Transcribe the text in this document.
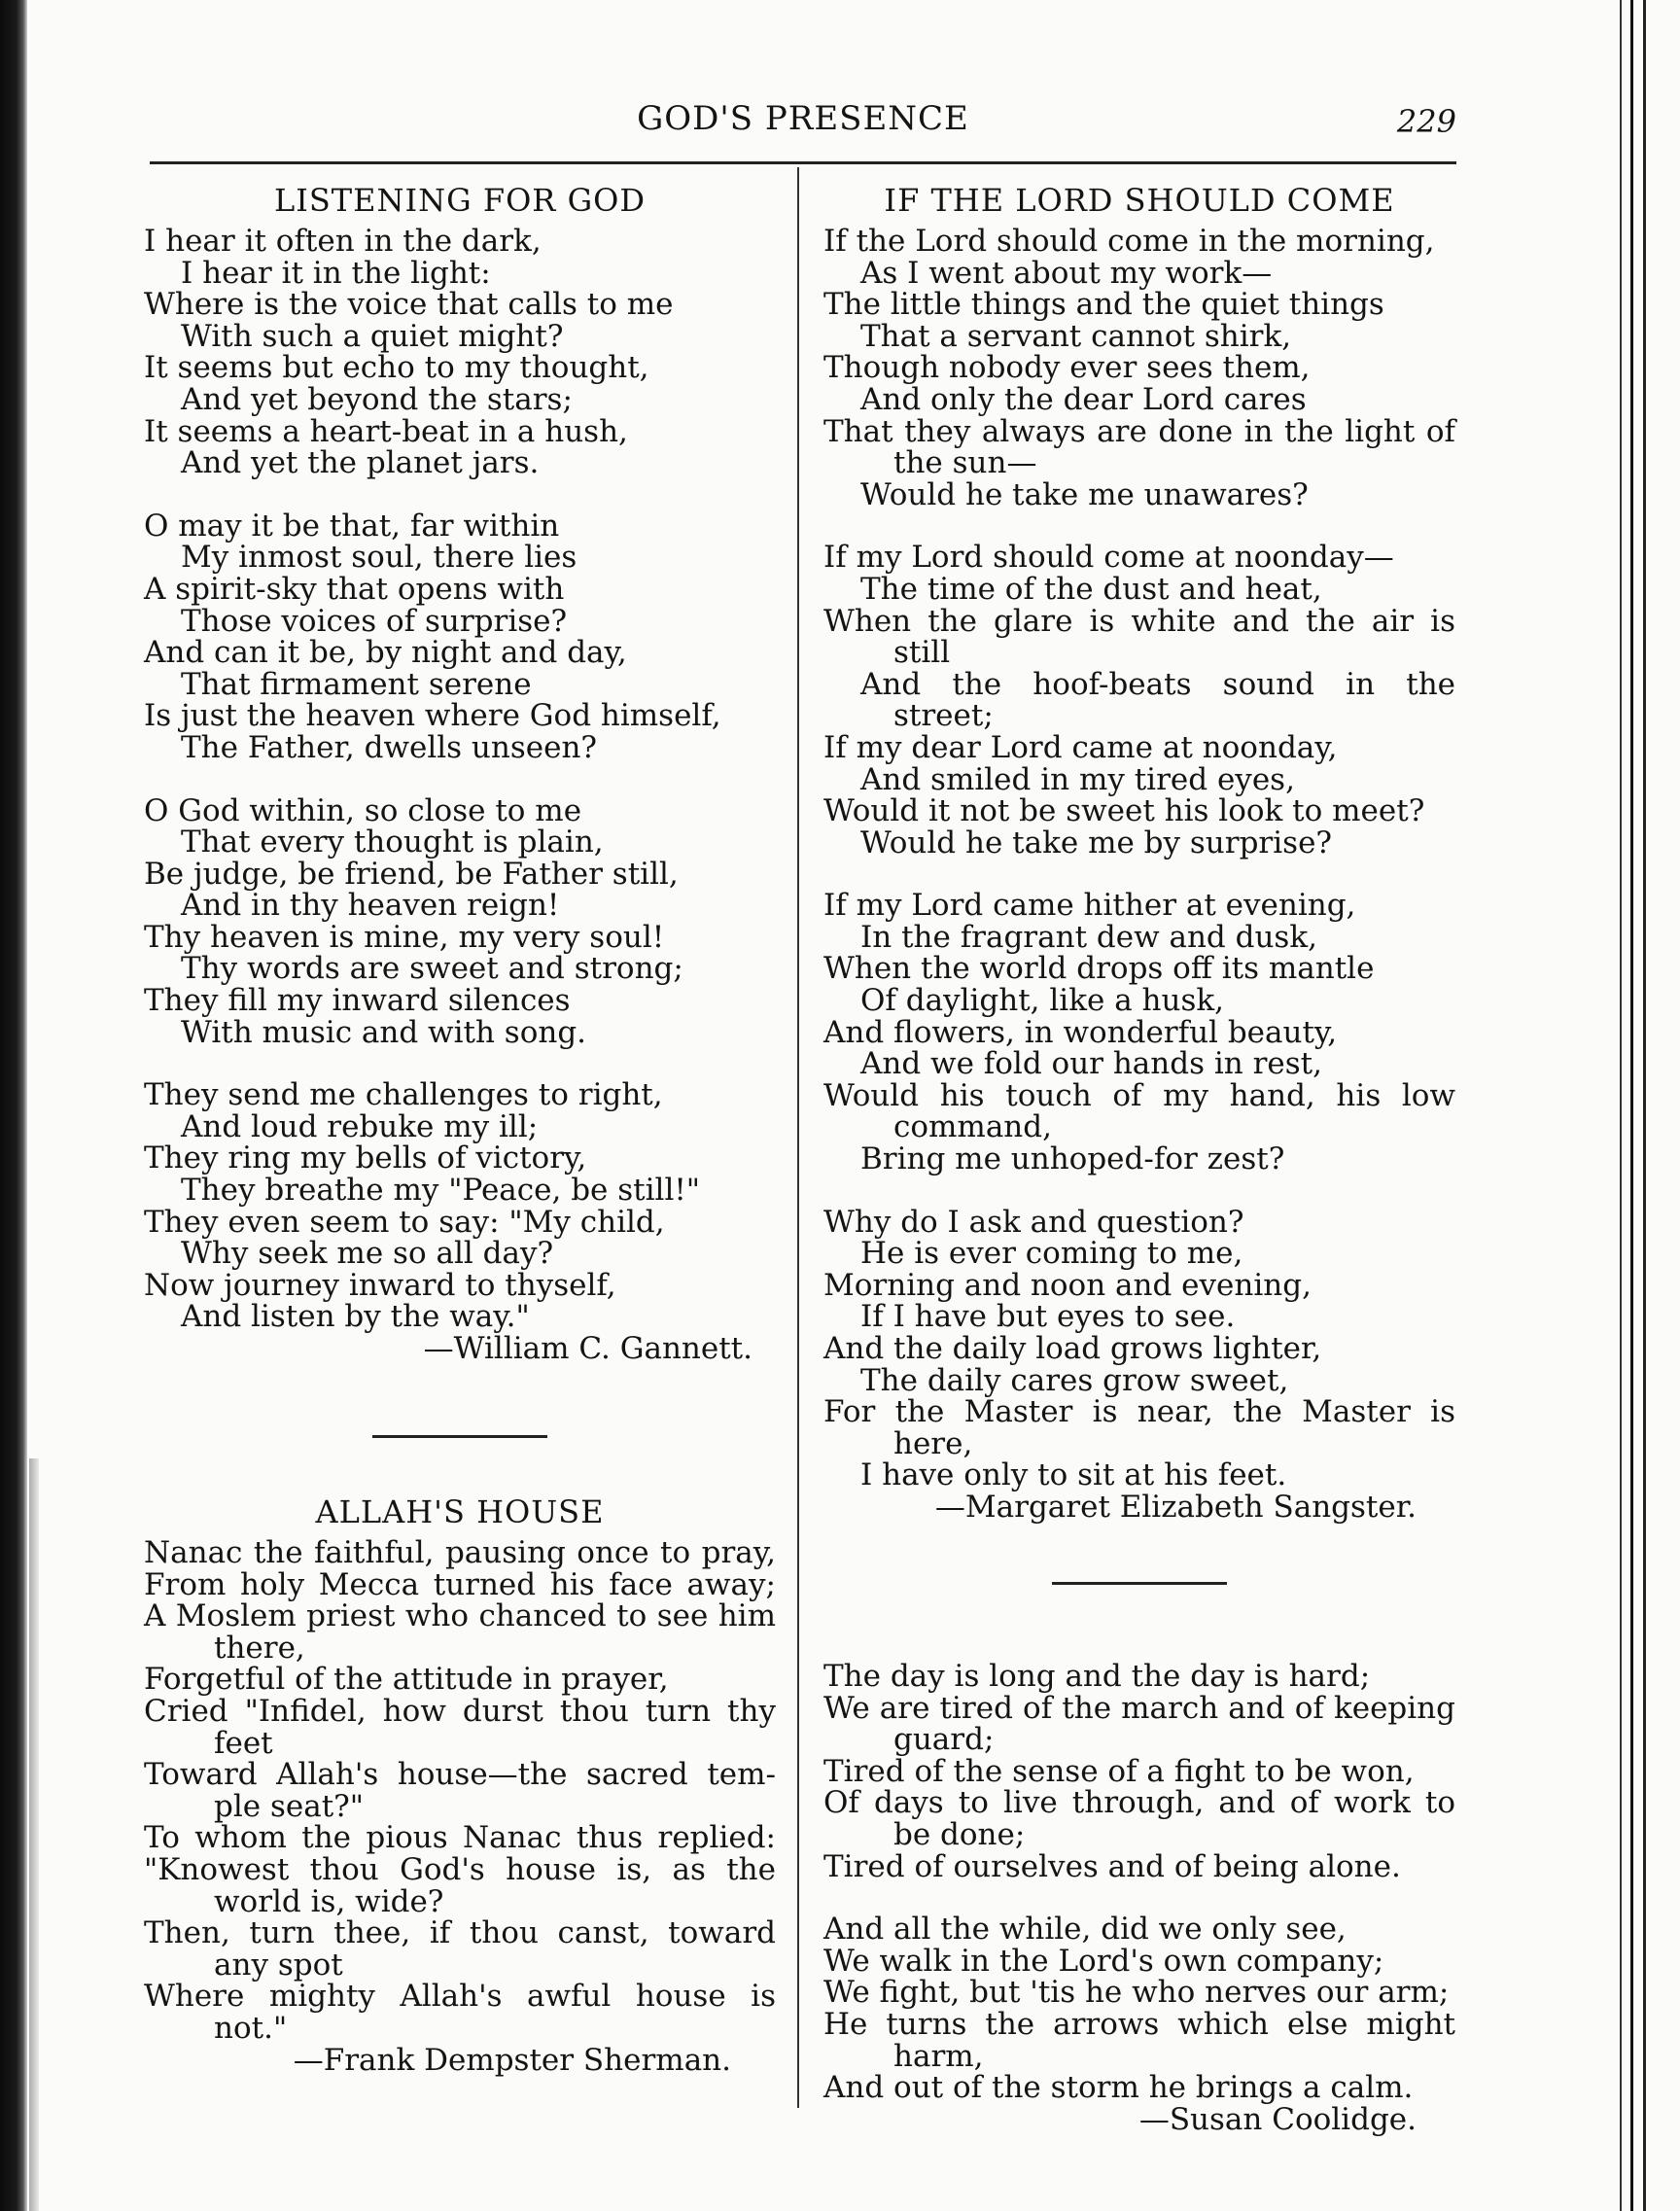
GOD'S PRESENCE	229
LISTENING FOR GOD
I hear it often in the dark,
I hear it in the light:
Where is the voice that calls to me
With such a quiet might?
It seems but echo to my thought,
And yet beyond the stars;
It seems a heart-beat in a hush,
And yet the planet jars.
O may it be that, far within
My inmost soul, there lies
A spirit-sky that opens with
Those voices of surprise?
And can it be, by night and day,
That firmament serene
Is just the heaven where God himself,
The Father, dwells unseen?
O God within, so close to me
That every thought is plain,
Be judge, be friend, be Father still,
And in thy heaven reign!
Thy heaven is mine, my very soul!
Thy words are sweet and strong;
They fill my inward silences
With music and with song.
They send me challenges to right,
And loud rebuke my ill;
They ring my bells of victory,
They breathe my "Peace, be still!"
They even seem to say: "My child,
Why seek me so all day?
Now journey inward to thyself,
And listen by the way."
—William C. Gannett.
ALLAH'S HOUSE
Nanac the faithful, pausing once to pray,
From holy Mecca turned his face away;
A Moslem priest who chanced to see him
there,
Forgetful of the attitude in prayer,
Cried "Infidel, how durst thou turn thy
feet
Toward Allah's house—the sacred tem-
ple seat?"
To whom the pious Nanac thus replied:
"Knowest thou God's house is, as the
world is, wide?
Then, turn thee, if thou canst, toward
any spot
Where mighty Allah's awful house is
not."
—Frank Dempster Sherman.
IF THE LORD SHOULD COME
If the Lord should come in the morning,
As I went about my work—
The little things and the quiet things
That a servant cannot shirk,
Though nobody ever sees them,
And only the dear Lord cares
That they always are done in the light of
the sun—
Would he take me unawares?
If my Lord should come at noonday—
The time of the dust and heat,
When the glare is white and the air is
still
And the hoof-beats sound in the
street;
If my dear Lord came at noonday,
And smiled in my tired eyes,
Would it not be sweet his look to meet?
Would he take me by surprise?
If my Lord came hither at evening,
In the fragrant dew and dusk,
When the world drops off its mantle
Of daylight, like a husk,
And flowers, in wonderful beauty,
And we fold our hands in rest,
Would his touch of my hand, his low
command,
Bring me unhoped-for zest?
Why do I ask and question?
He is ever coming to me,
Morning and noon and evening,
If I have but eyes to see.
And the daily load grows lighter,
The daily cares grow sweet,
For the Master is near, the Master is
here,
I have only to sit at his feet.
—Margaret Elizabeth Sangster.
The day is long and the day is hard;
We are tired of the march and of keeping
guard;
Tired of the sense of a fight to be won,
Of days to live through, and of work to
be done;
Tired of ourselves and of being alone.
And all the while, did we only see,
We walk in the Lord's own company;
We fight, but 'tis he who nerves our arm;
He turns the arrows which else might
harm,
And out of the storm he brings a calm.
—Susan Coolidge.
